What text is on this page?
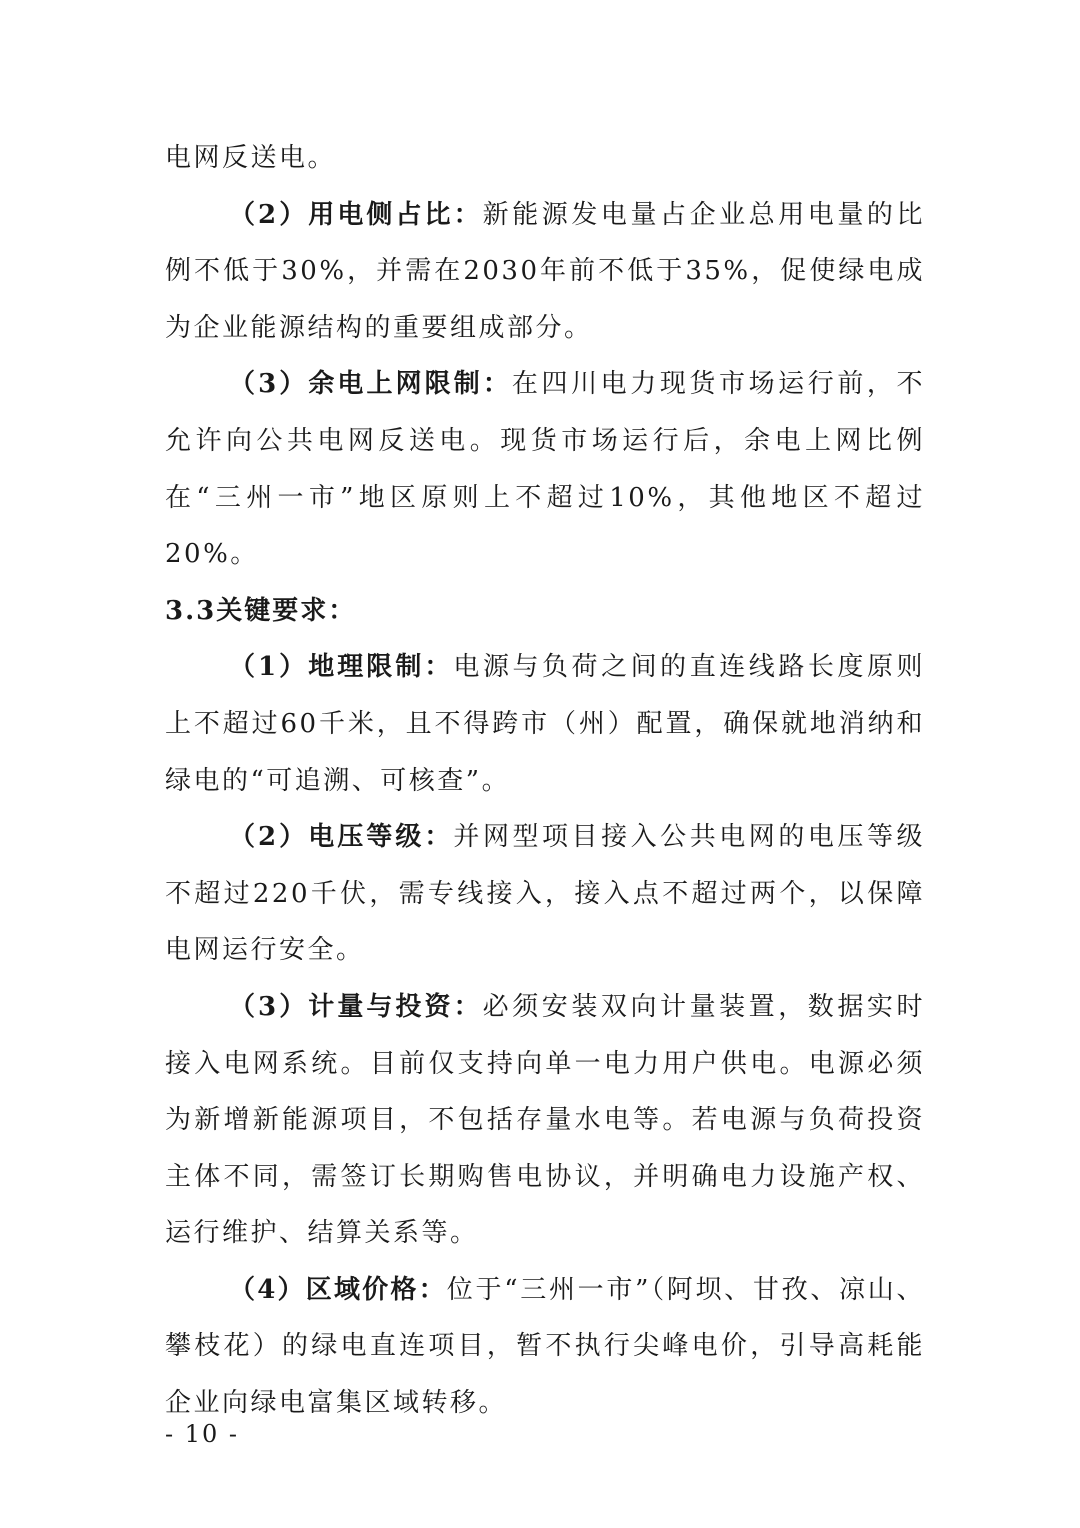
电网反送电。

（2）用电侧占比：新能源发电量占企业总用电量的比例不低于30%，并需在2030年前不低于35%，促使绿电成为企业能源结构的重要组成部分。

（3）余电上网限制：在四川电力现货市场运行前，不允许向公共电网反送电。现货市场运行后，余电上网比例在“三州一市”地区原则上不超过10%，其他地区不超过20%。

3.3关键要求：

（1）地理限制：电源与负荷之间的直连线路长度原则上不超过60千米，且不得跨市（州）配置，确保就地消纳和绿电的“可追溯、可核查”。

（2）电压等级：并网型项目接入公共电网的电压等级不超过220千伏，需专线接入，接入点不超过两个，以保障电网运行安全。

（3）计量与投资：必须安装双向计量装置，数据实时接入电网系统。目前仅支持向单一电力用户供电。电源必须为新增新能源项目，不包括存量水电等。若电源与负荷投资主体不同，需签订长期购售电协议，并明确电力设施产权、运行维护、结算关系等。

（4）区域价格：位于“三州一市”（阿坝、甘孜、凉山、攀枝花）的绿电直连项目，暂不执行尖峰电价，引导高耗能企业向绿电富集区域转移。

- 10 -
